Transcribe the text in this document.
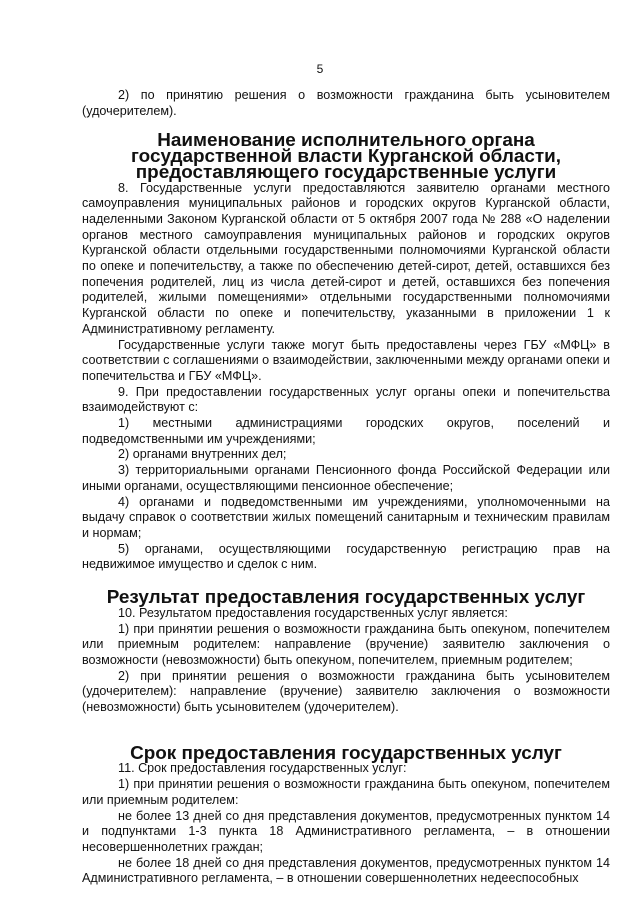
5

2) по принятию решения о возможности гражданина быть усыновителем (удочерителем).

Наименование исполнительного органа государственной власти Курганской области, предоставляющего государственные услуги

8. Государственные услуги предоставляются заявителю органами местного самоуправления муниципальных районов и городских округов Курганской области, наделенными Законом Курганской области от 5 октября 2007 года № 288 «О наделении органов местного самоуправления муниципальных районов и городских округов Курганской области отдельными государственными полномочиями Курганской области по опеке и попечительству, а также по обеспечению детей-сирот, детей, оставшихся без попечения родителей, лиц из числа детей-сирот и детей, оставшихся без попечения родителей, жилыми помещениями» отдельными государственными полномочиями Курганской области по опеке и попечительству, указанными в приложении 1 к Административному регламенту.

Государственные услуги также могут быть предоставлены через ГБУ «МФЦ» в соответствии с соглашениями о взаимодействии, заключенными между органами опеки и попечительства и ГБУ «МФЦ».

9. При предоставлении государственных услуг органы опеки и попечительства взаимодействуют с:

1) местными администрациями городских округов, поселений и подведомственными им учреждениями;

2) органами внутренних дел;

3) территориальными органами Пенсионного фонда Российской Федерации или иными органами, осуществляющими пенсионное обеспечение;

4) органами и подведомственными им учреждениями, уполномоченными на выдачу справок о соответствии жилых помещений санитарным и техническим правилам и нормам;

5) органами, осуществляющими государственную регистрацию прав на недвижимое имущество и сделок с ним.

Результат предоставления государственных услуг

10. Результатом предоставления государственных услуг является:

1) при принятии решения о возможности гражданина быть опекуном, попечителем или приемным родителем: направление (вручение) заявителю заключения о возможности (невозможности) быть опекуном, попечителем, приемным родителем;

2) при принятии решения о возможности гражданина быть усыновителем (удочерителем): направление (вручение) заявителю заключения о возможности (невозможности) быть усыновителем (удочерителем).

Срок предоставления государственных услуг

11. Срок предоставления государственных услуг:

1) при принятии решения о возможности гражданина быть опекуном, попечителем или приемным родителем:

не более 13 дней со дня представления документов, предусмотренных пунктом 14 и подпунктами 1-3 пункта 18 Административного регламента, – в отношении несовершеннолетних граждан;

не более 18 дней со дня представления документов, предусмотренных пунктом 14 Административного регламента, – в отношении совершеннолетних недееспособных
